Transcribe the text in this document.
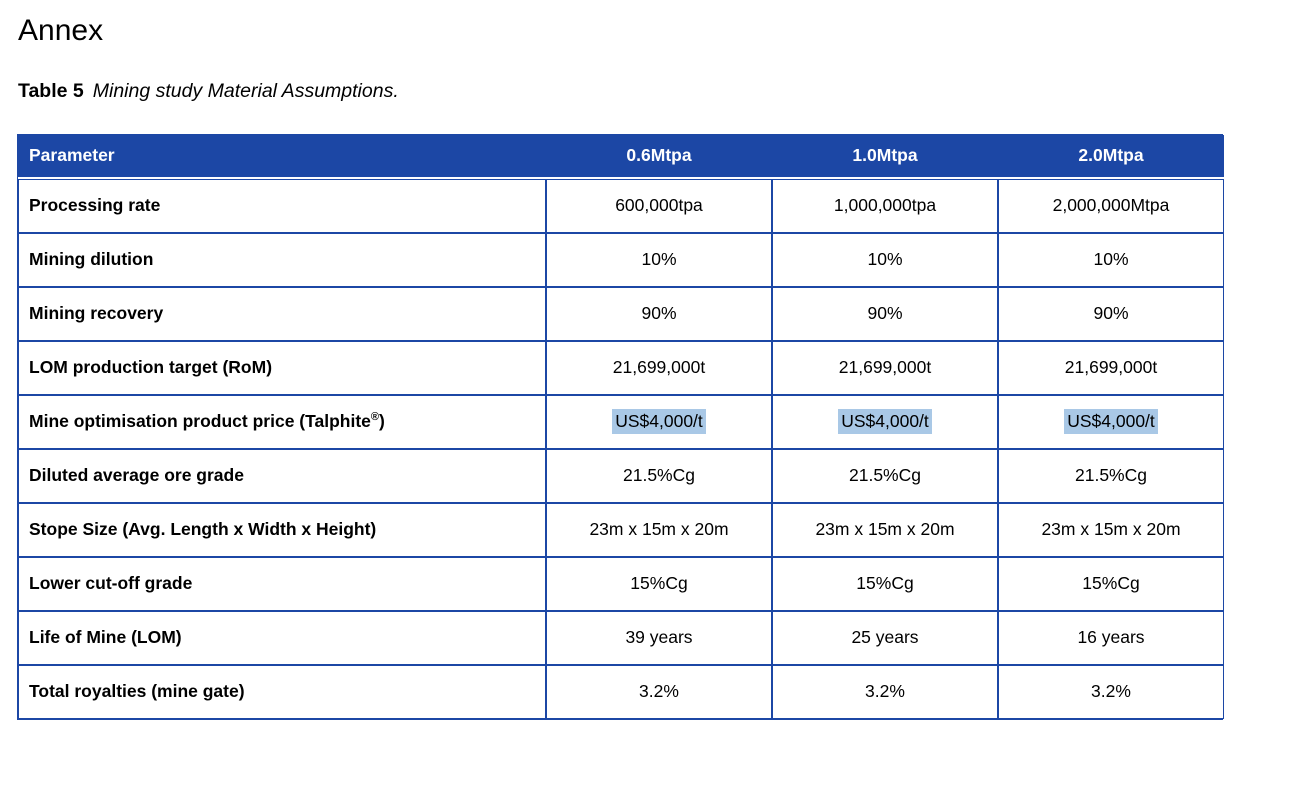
Annex
Table 5 Mining study Material Assumptions.
Parameter	0.6Mtpa	1.0Mtpa	2.0Mtpa
Processing rate	600,000tpa	1,000,000tpa	2,000,000Mtpa
Mining dilution	10%	10%	10%
Mining recovery	90%	90%	90%
LOM production target (RoM)	21,699,000t	21,699,000t	21,699,000t
Mine optimisation product price (Talphite®)	US$4,000/t	US$4,000/t	US$4,000/t
Diluted average ore grade	21.5%Cg	21.5%Cg	21.5%Cg
Stope Size (Avg. Length x Width x Height)	23m x 15m x 20m	23m x 15m x 20m	23m x 15m x 20m
Lower cut-off grade	15%Cg	15%Cg	15%Cg
Life of Mine (LOM)	39 years	25 years	16 years
Total royalties (mine gate)	3.2%	3.2%	3.2%
